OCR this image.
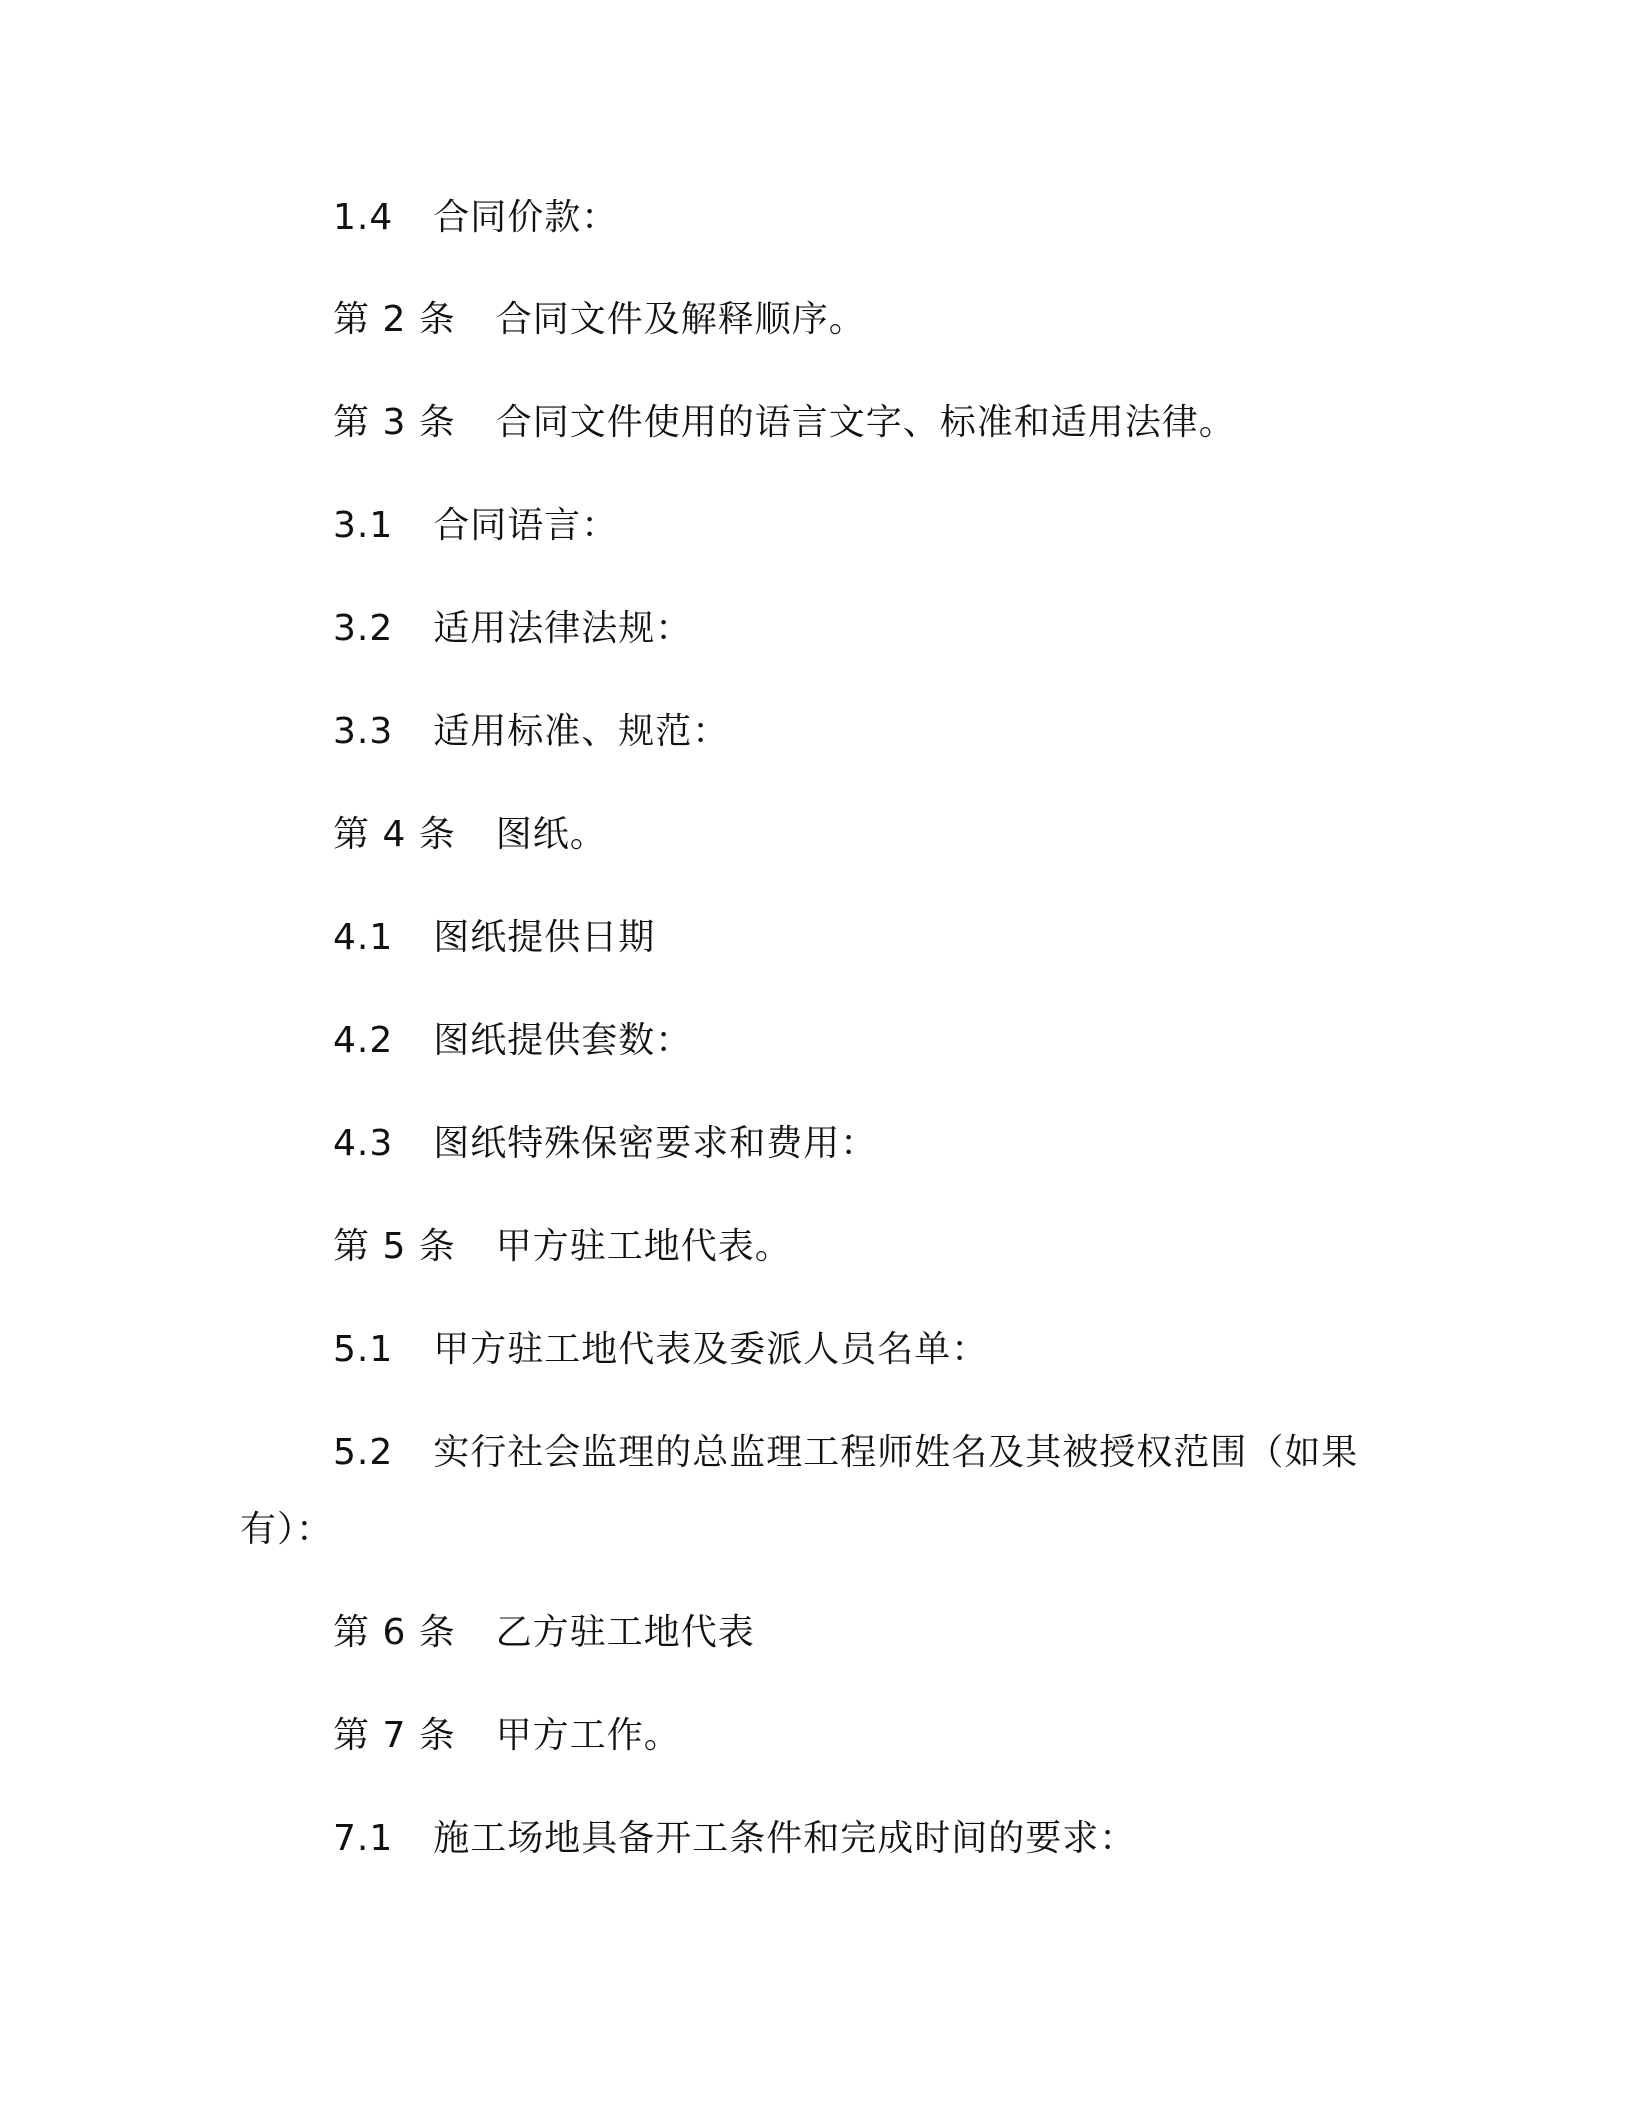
1.4 合同价款：
第 2 条 合同文件及解释顺序。
第 3 条 合同文件使用的语言文字、标准和适用法律。
3.1 合同语言：
3.2 适用法律法规：
3.3 适用标准、规范：
第 4 条 图纸。
4.1 图纸提供日期
4.2 图纸提供套数：
4.3 图纸特殊保密要求和费用：
第 5 条 甲方驻工地代表。
5.1 甲方驻工地代表及委派人员名单：
5.2 实行社会监理的总监理工程师姓名及其被授权范围（如果
有）：
第 6 条 乙方驻工地代表
第 7 条 甲方工作。
7.1 施工场地具备开工条件和完成时间的要求：
